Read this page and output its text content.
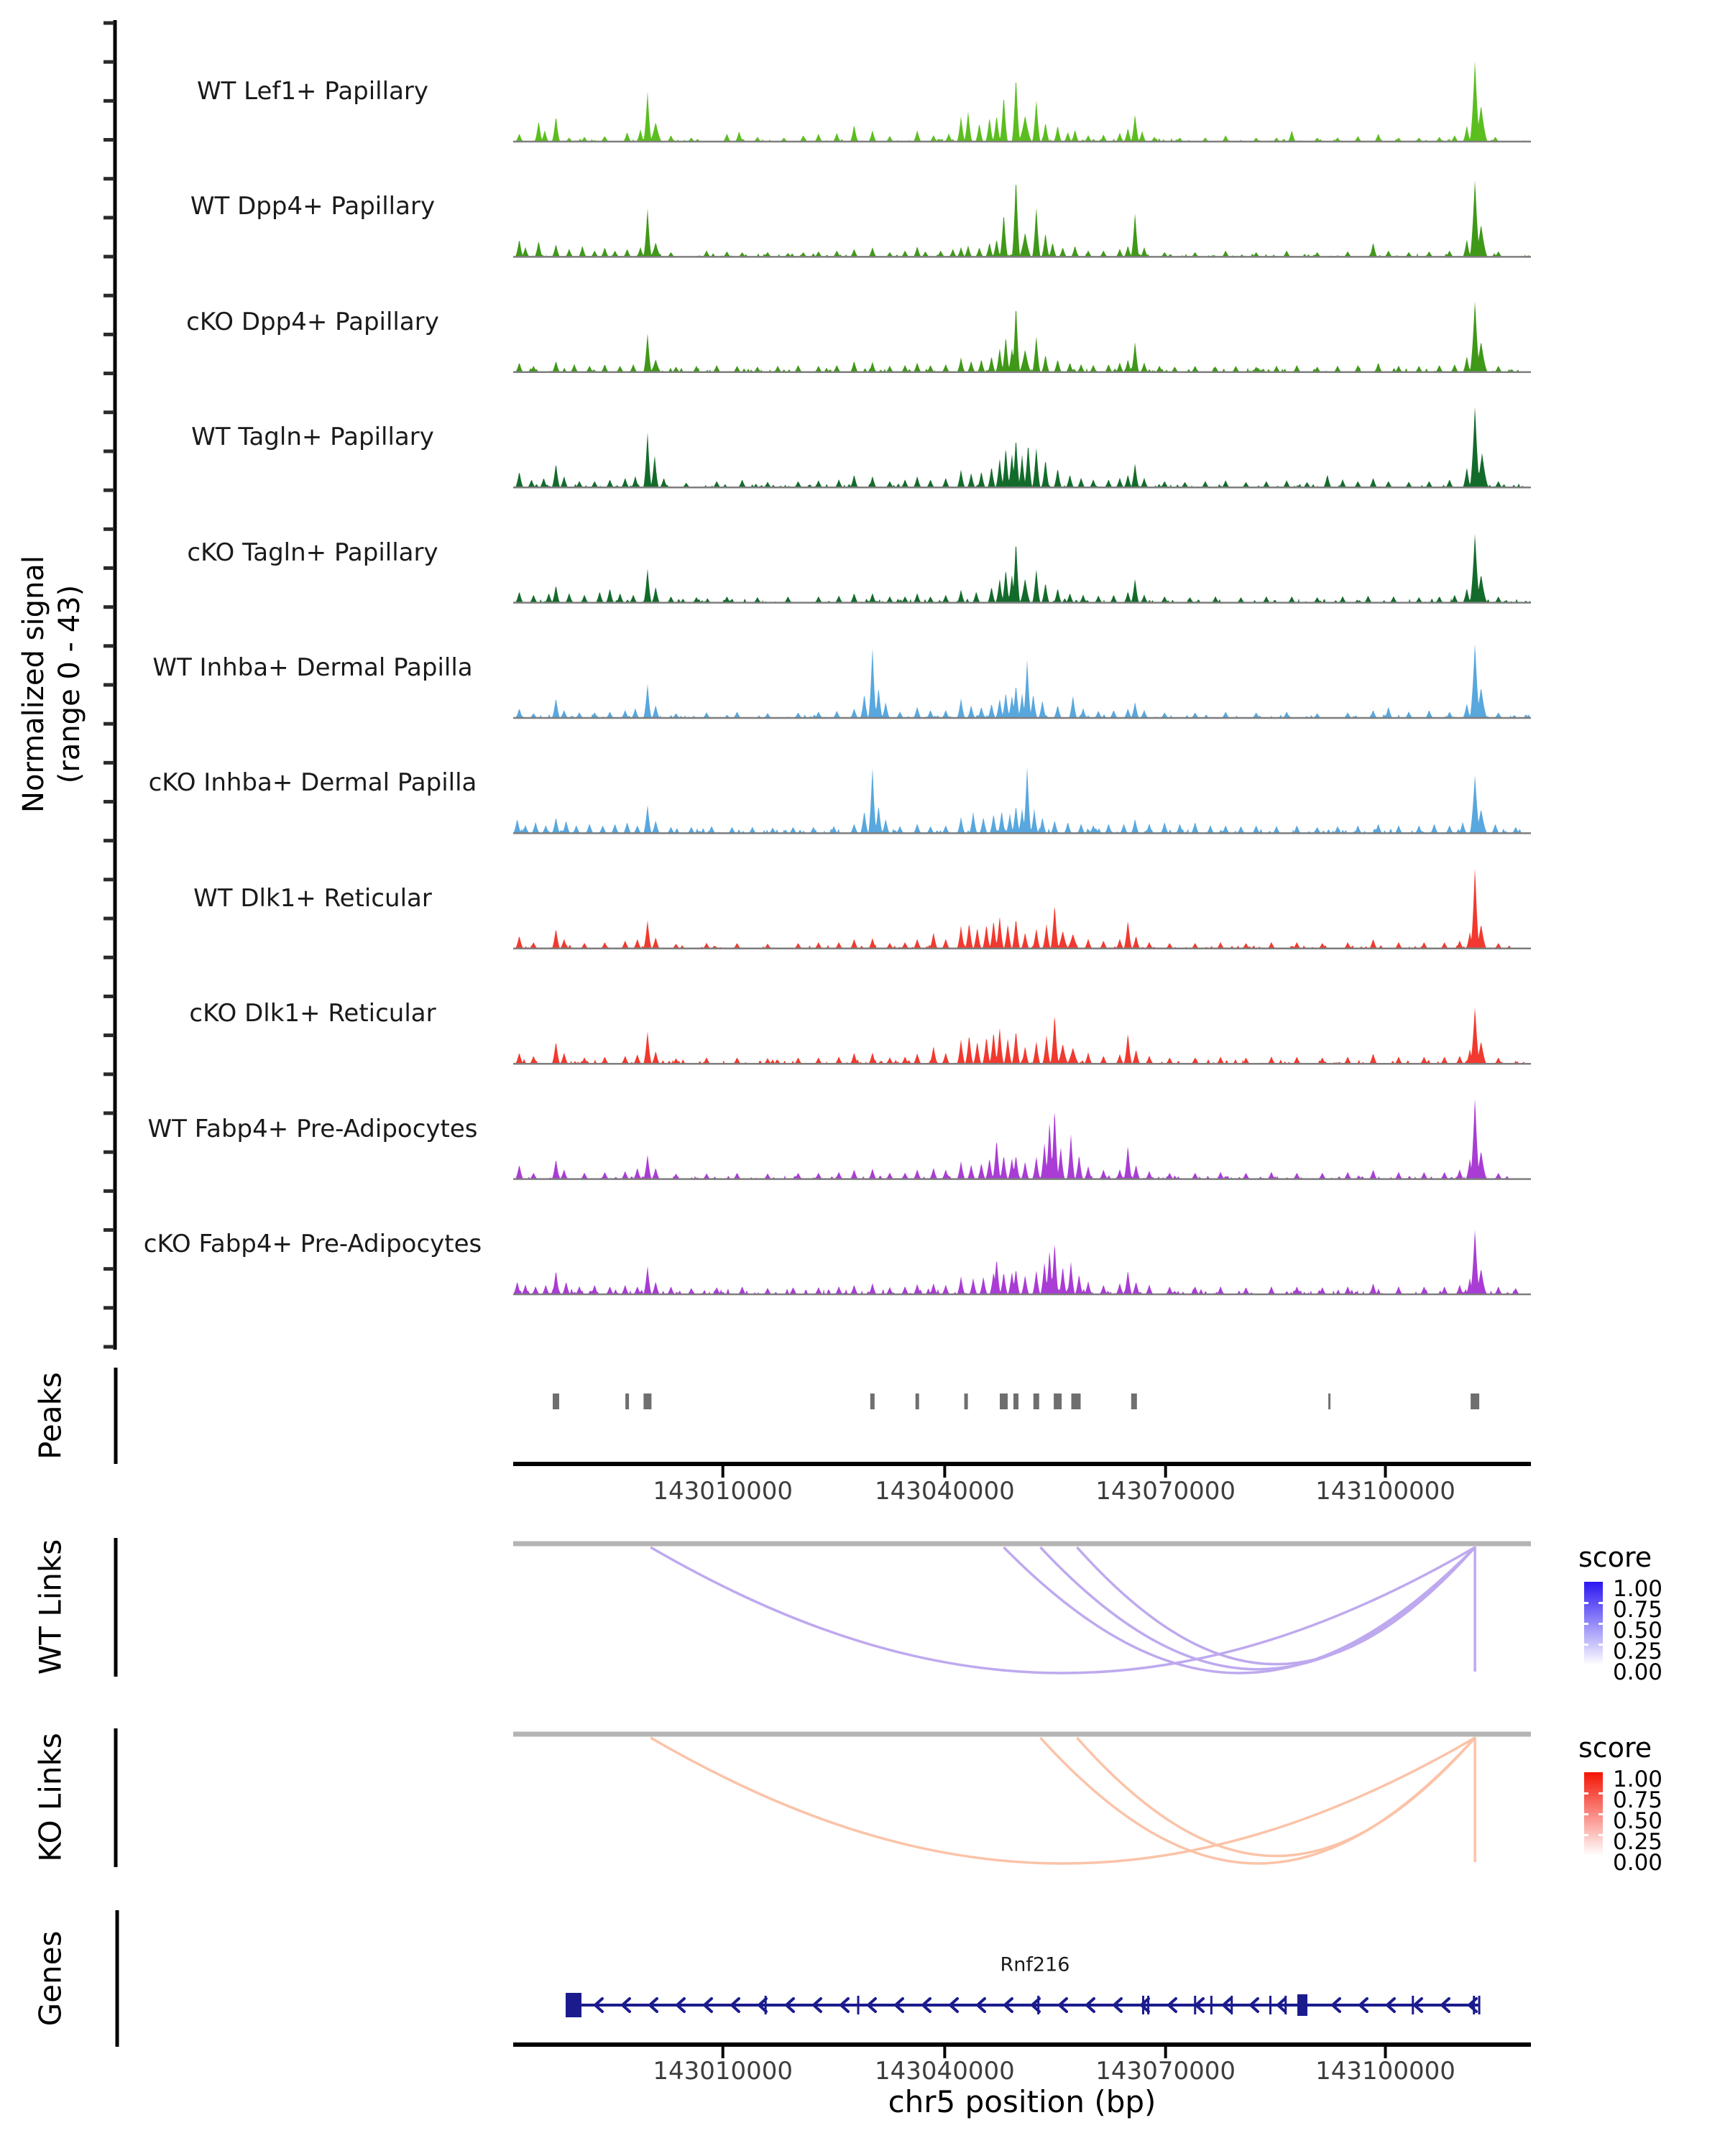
Normalized signal (range 0 - 43)
Peaks
WT Links
KO Links
Genes
WT Lef1+ Papillary
WT Dpp4+ Papillary
cKO Dpp4+ Papillary
WT Tagln+ Papillary
cKO Tagln+ Papillary
WT Inhba+ Dermal Papilla
cKO Inhba+ Dermal Papilla
WT Dlk1+ Reticular
cKO Dlk1+ Reticular
WT Fabp4+ Pre-Adipocytes
cKO Fabp4+ Pre-Adipocytes
143010000	143040000	143070000	143100000
143010000	143040000	143070000	143100000
score
1.00
0.75
0.50
0.25
0.00
score
1.00
0.75
0.50
0.25
0.00
Rnf216
chr5 position (bp)
